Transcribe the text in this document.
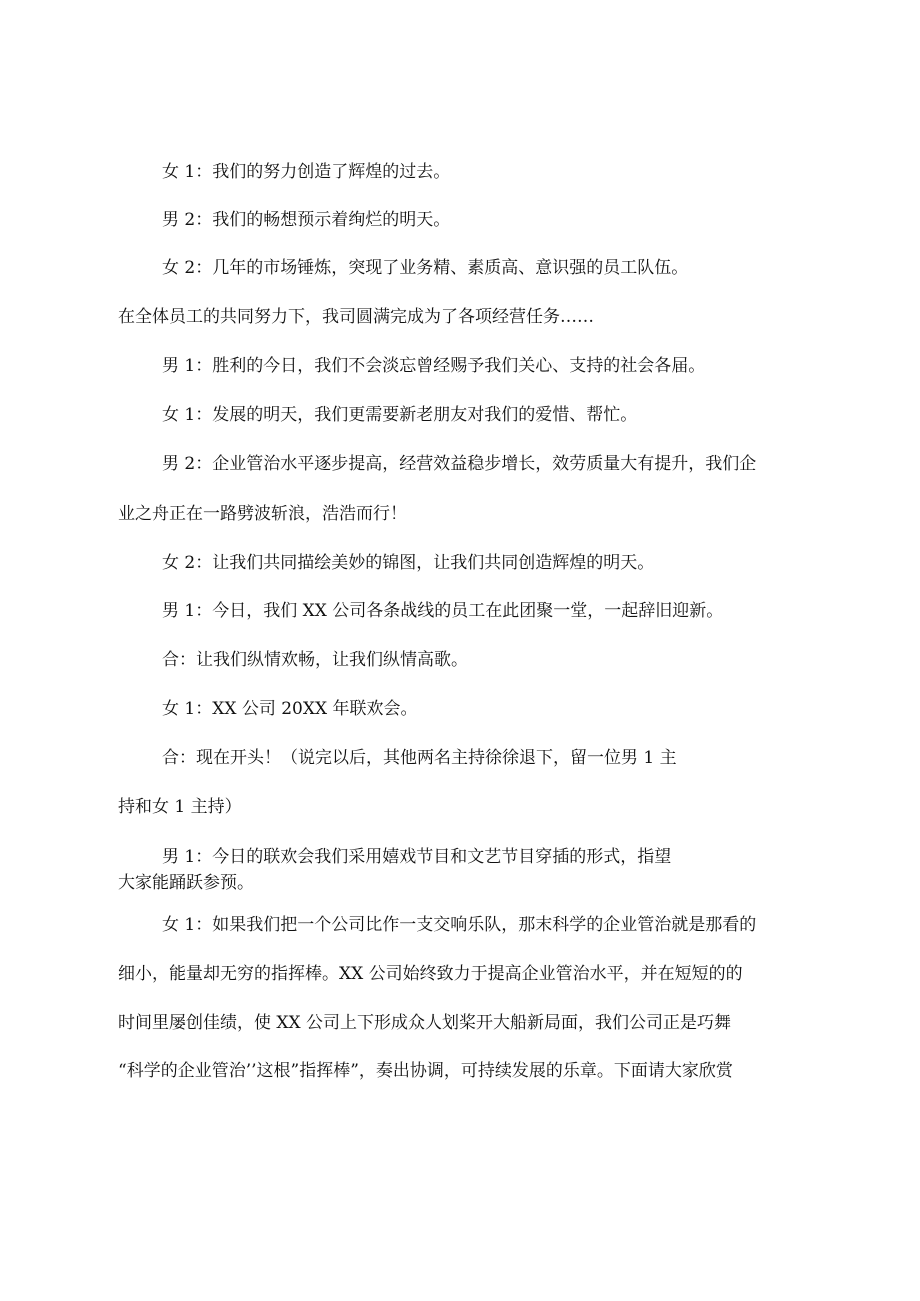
女 1：我们的努力创造了辉煌的过去。
男 2：我们的畅想预示着绚烂的明天。
女 2：几年的市场锤炼，突现了业务精、素质高、意识强的员工队伍。
在全体员工的共同努力下，我司圆满完成为了各项经营任务……
男 1：胜利的今日，我们不会淡忘曾经赐予我们关心、支持的社会各届。
女 1：发展的明天，我们更需要新老朋友对我们的爱惜、帮忙。
男 2：企业管治水平逐步提高，经营效益稳步增长，效劳质量大有提升，我们企
业之舟正在一路劈波斩浪，浩浩而行！
女 2：让我们共同描绘美妙的锦图，让我们共同创造辉煌的明天。
男 1：今日，我们 XX 公司各条战线的员工在此团聚一堂，一起辞旧迎新。
合：让我们纵情欢畅，让我们纵情高歌。
女 1：XX 公司 20XX 年联欢会。
合：现在开头！（说完以后，其他两名主持徐徐退下，留一位男 1 主
持和女 1 主持）
男 1：今日的联欢会我们采用嬉戏节目和文艺节目穿插的形式，指望
大家能踊跃参预。
女 1：如果我们把一个公司比作一支交响乐队，那末科学的企业管治就是那看的
细小，能量却无穷的指挥棒。XX 公司始终致力于提高企业管治水平，并在短短的的
时间里屡创佳绩，使 XX 公司上下形成众人划桨开大船新局面，我们公司正是巧舞
“科学的企业管治’’这根”指挥棒”，奏出协调，可持续发展的乐章。下面请大家欣赏
